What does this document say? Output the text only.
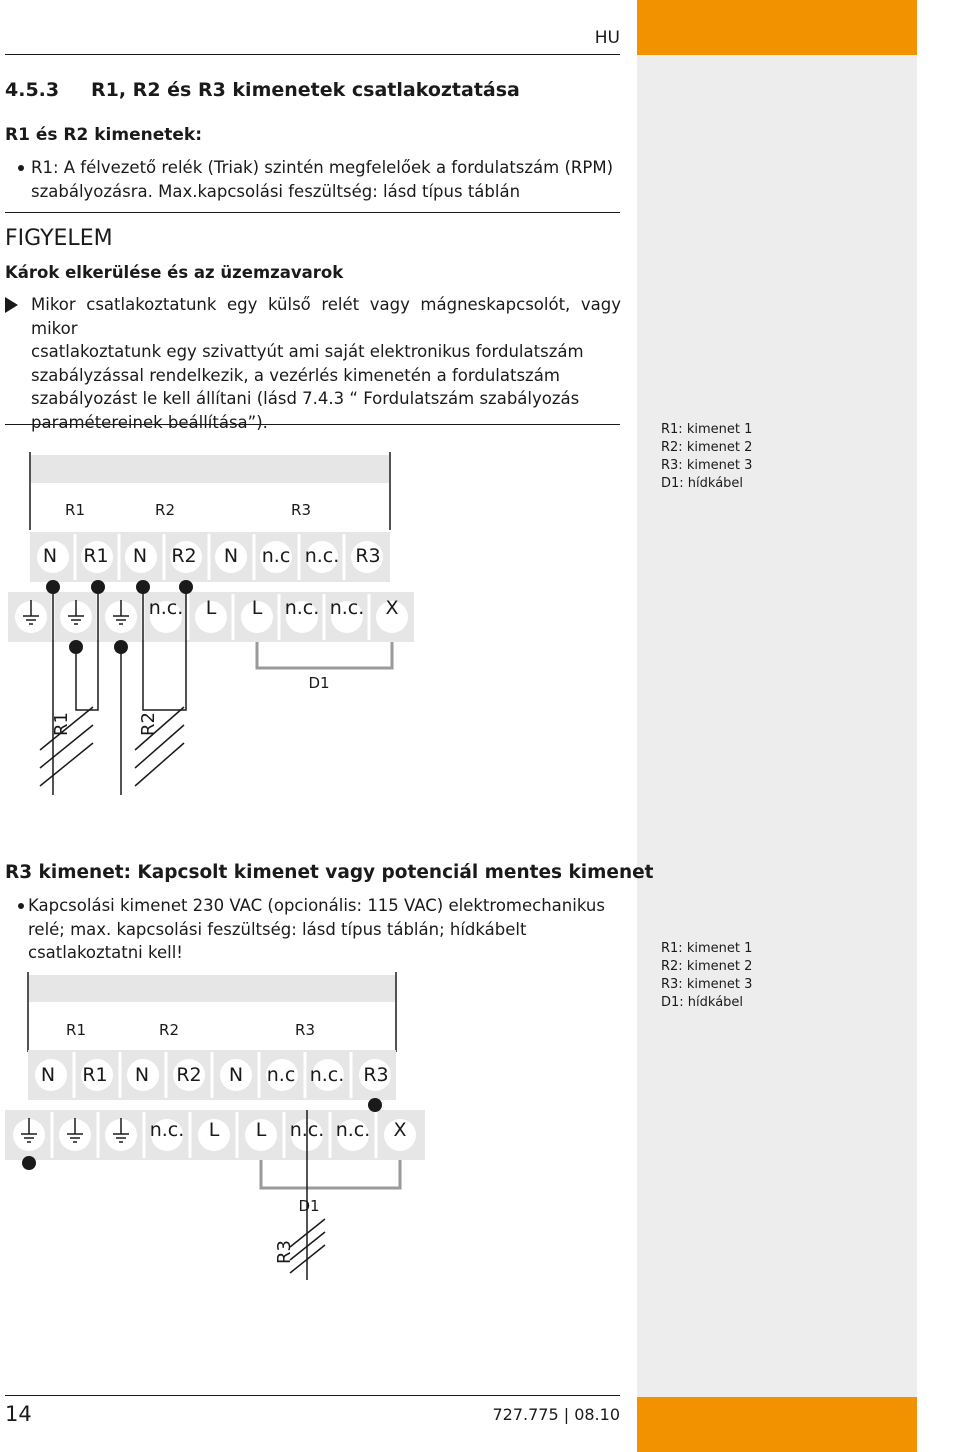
www.springsolar.hu
HU
4.5.3 R1, R2 és R3 kimenetek csatlakoztatása
R1 és R2 kimenetek:
R1: A félvezető relék (Triak) szintén megfelelőek a fordulatszám (RPM)
szabályozásra. Max.kapcsolási feszültség: lásd típus táblán
FIGYELEM
Károk elkerülése és az üzemzavarok
Mikor csatlakoztatunk egy külső relét vagy mágneskapcsolót, vagy mikor
csatlakoztatunk egy szivattyút ami saját elektronikus fordulatszám
szabályzással rendelkezik, a vezérlés kimenetén a fordulatszám
szabályozást le kell állítani (lásd 7.4.3 “ Fordulatszám szabályozás
paramétereinek beállítása”).	R1: kimenet 1
R2: kimenet 2
R3: kimenet 3
D1: hídkábel
R1	R2	R3
N R1 N R2 N n.c n.c. R3
n.c. L L n.c. n.c. X
D1
R1	R2
R3 kimenet: Kapcsolt kimenet vagy potenciál mentes kimenet
Kapcsolási kimenet 230 VAC (opcionális: 115 VAC) elektromechanikus
relé; max. kapcsolási feszültség: lásd típus táblán; hídkábelt
csatlakoztatni kell!	R1: kimenet 1
R2: kimenet 2
R3: kimenet 3
D1: hídkábel
R1	R2	R3
N R1 N R2 N n.c n.c. R3
n.c. L L n.c. n.c. X
D1
R3
14	727.775 | 08.10
